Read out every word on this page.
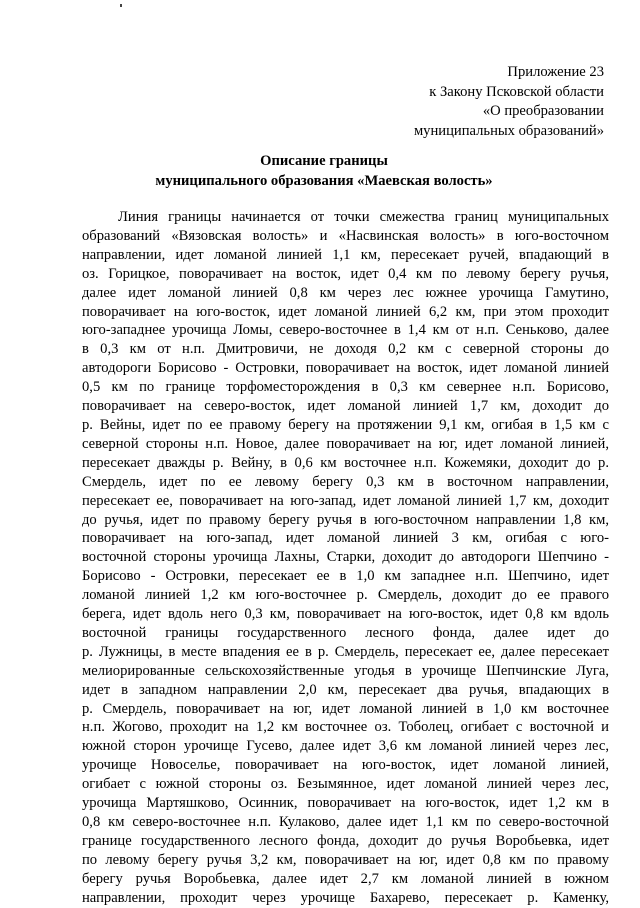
Приложение 23
к Закону Псковской области
«О преобразовании
муниципальных образований»
Описание границы
муниципального образования «Маевская волость»
Линия границы начинается от точки смежества границ муниципальных
образований «Вязовская волость» и «Насвинская волость» в юго-восточном
направлении, идет ломаной линией 1,1 км, пересекает ручей, впадающий в
оз. Горицкое, поворачивает на восток, идет 0,4 км по левому берегу ручья,
далее идет ломаной линией 0,8 км через лес южнее урочища Гамутино,
поворачивает на юго-восток, идет ломаной линией 6,2 км, при этом проходит
юго-западнее урочища Ломы, северо-восточнее в 1,4 км от н.п. Сеньково, далее
в 0,3 км от н.п. Дмитровичи, не доходя 0,2 км с северной стороны до
автодороги Борисово - Островки, поворачивает на восток, идет ломаной линией
0,5 км по границе торфоместорождения в 0,3 км севернее н.п. Борисово,
поворачивает на северо-восток, идет ломаной линией 1,7 км, доходит до
р. Вейны, идет по ее правому берегу на протяжении 9,1 км, огибая в 1,5 км с
северной стороны н.п. Новое, далее поворачивает на юг, идет ломаной линией,
пересекает дважды р. Вейну, в 0,6 км восточнее н.п. Кожемяки, доходит до р.
Смердель, идет по ее левому берегу 0,3 км в восточном направлении,
пересекает ее, поворачивает на юго-запад, идет ломаной линией 1,7 км, доходит
до ручья, идет по правому берегу ручья в юго-восточном направлении 1,8 км,
поворачивает на юго-запад, идет ломаной линией 3 км, огибая с юго-
восточной стороны урочища Лахны, Старки, доходит до автодороги Шепчино -
Борисово - Островки, пересекает ее в 1,0 км западнее н.п. Шепчино, идет
ломаной линией 1,2 км юго-восточнее р. Смердель, доходит до ее правого
берега, идет вдоль него 0,3 км, поворачивает на юго-восток, идет 0,8 км вдоль
восточной границы государственного лесного фонда, далее идет до
р. Лужницы, в месте впадения ее в р. Смердель, пересекает ее, далее пересекает
мелиорированные сельскохозяйственные угодья в урочище Шепчинские Луга,
идет в западном направлении 2,0 км, пересекает два ручья, впадающих в
р. Смердель, поворачивает на юг, идет ломаной линией в 1,0 км восточнее
н.п. Жогово, проходит на 1,2 км восточнее оз. Тоболец, огибает с восточной и
южной сторон урочище Гусево, далее идет 3,6 км ломаной линией через лес,
урочище Новоселье, поворачивает на юго-восток, идет ломаной линией,
огибает с южной стороны оз. Безымянное, идет ломаной линией через лес,
урочища Мартяшково, Осинник, поворачивает на юго-восток, идет 1,2 км в
0,8 км северо-восточнее н.п. Кулаково, далее идет 1,1 км по северо-восточной
границе государственного лесного фонда, доходит до ручья Воробьевка, идет
по левому берегу ручья 3,2 км, поворачивает на юг, идет 0,8 км по правому
берегу ручья Воробьевка, далее идет 2,7 км ломаной линией в южном
направлении, проходит через урочище Бахарево, пересекает р. Каменку,
